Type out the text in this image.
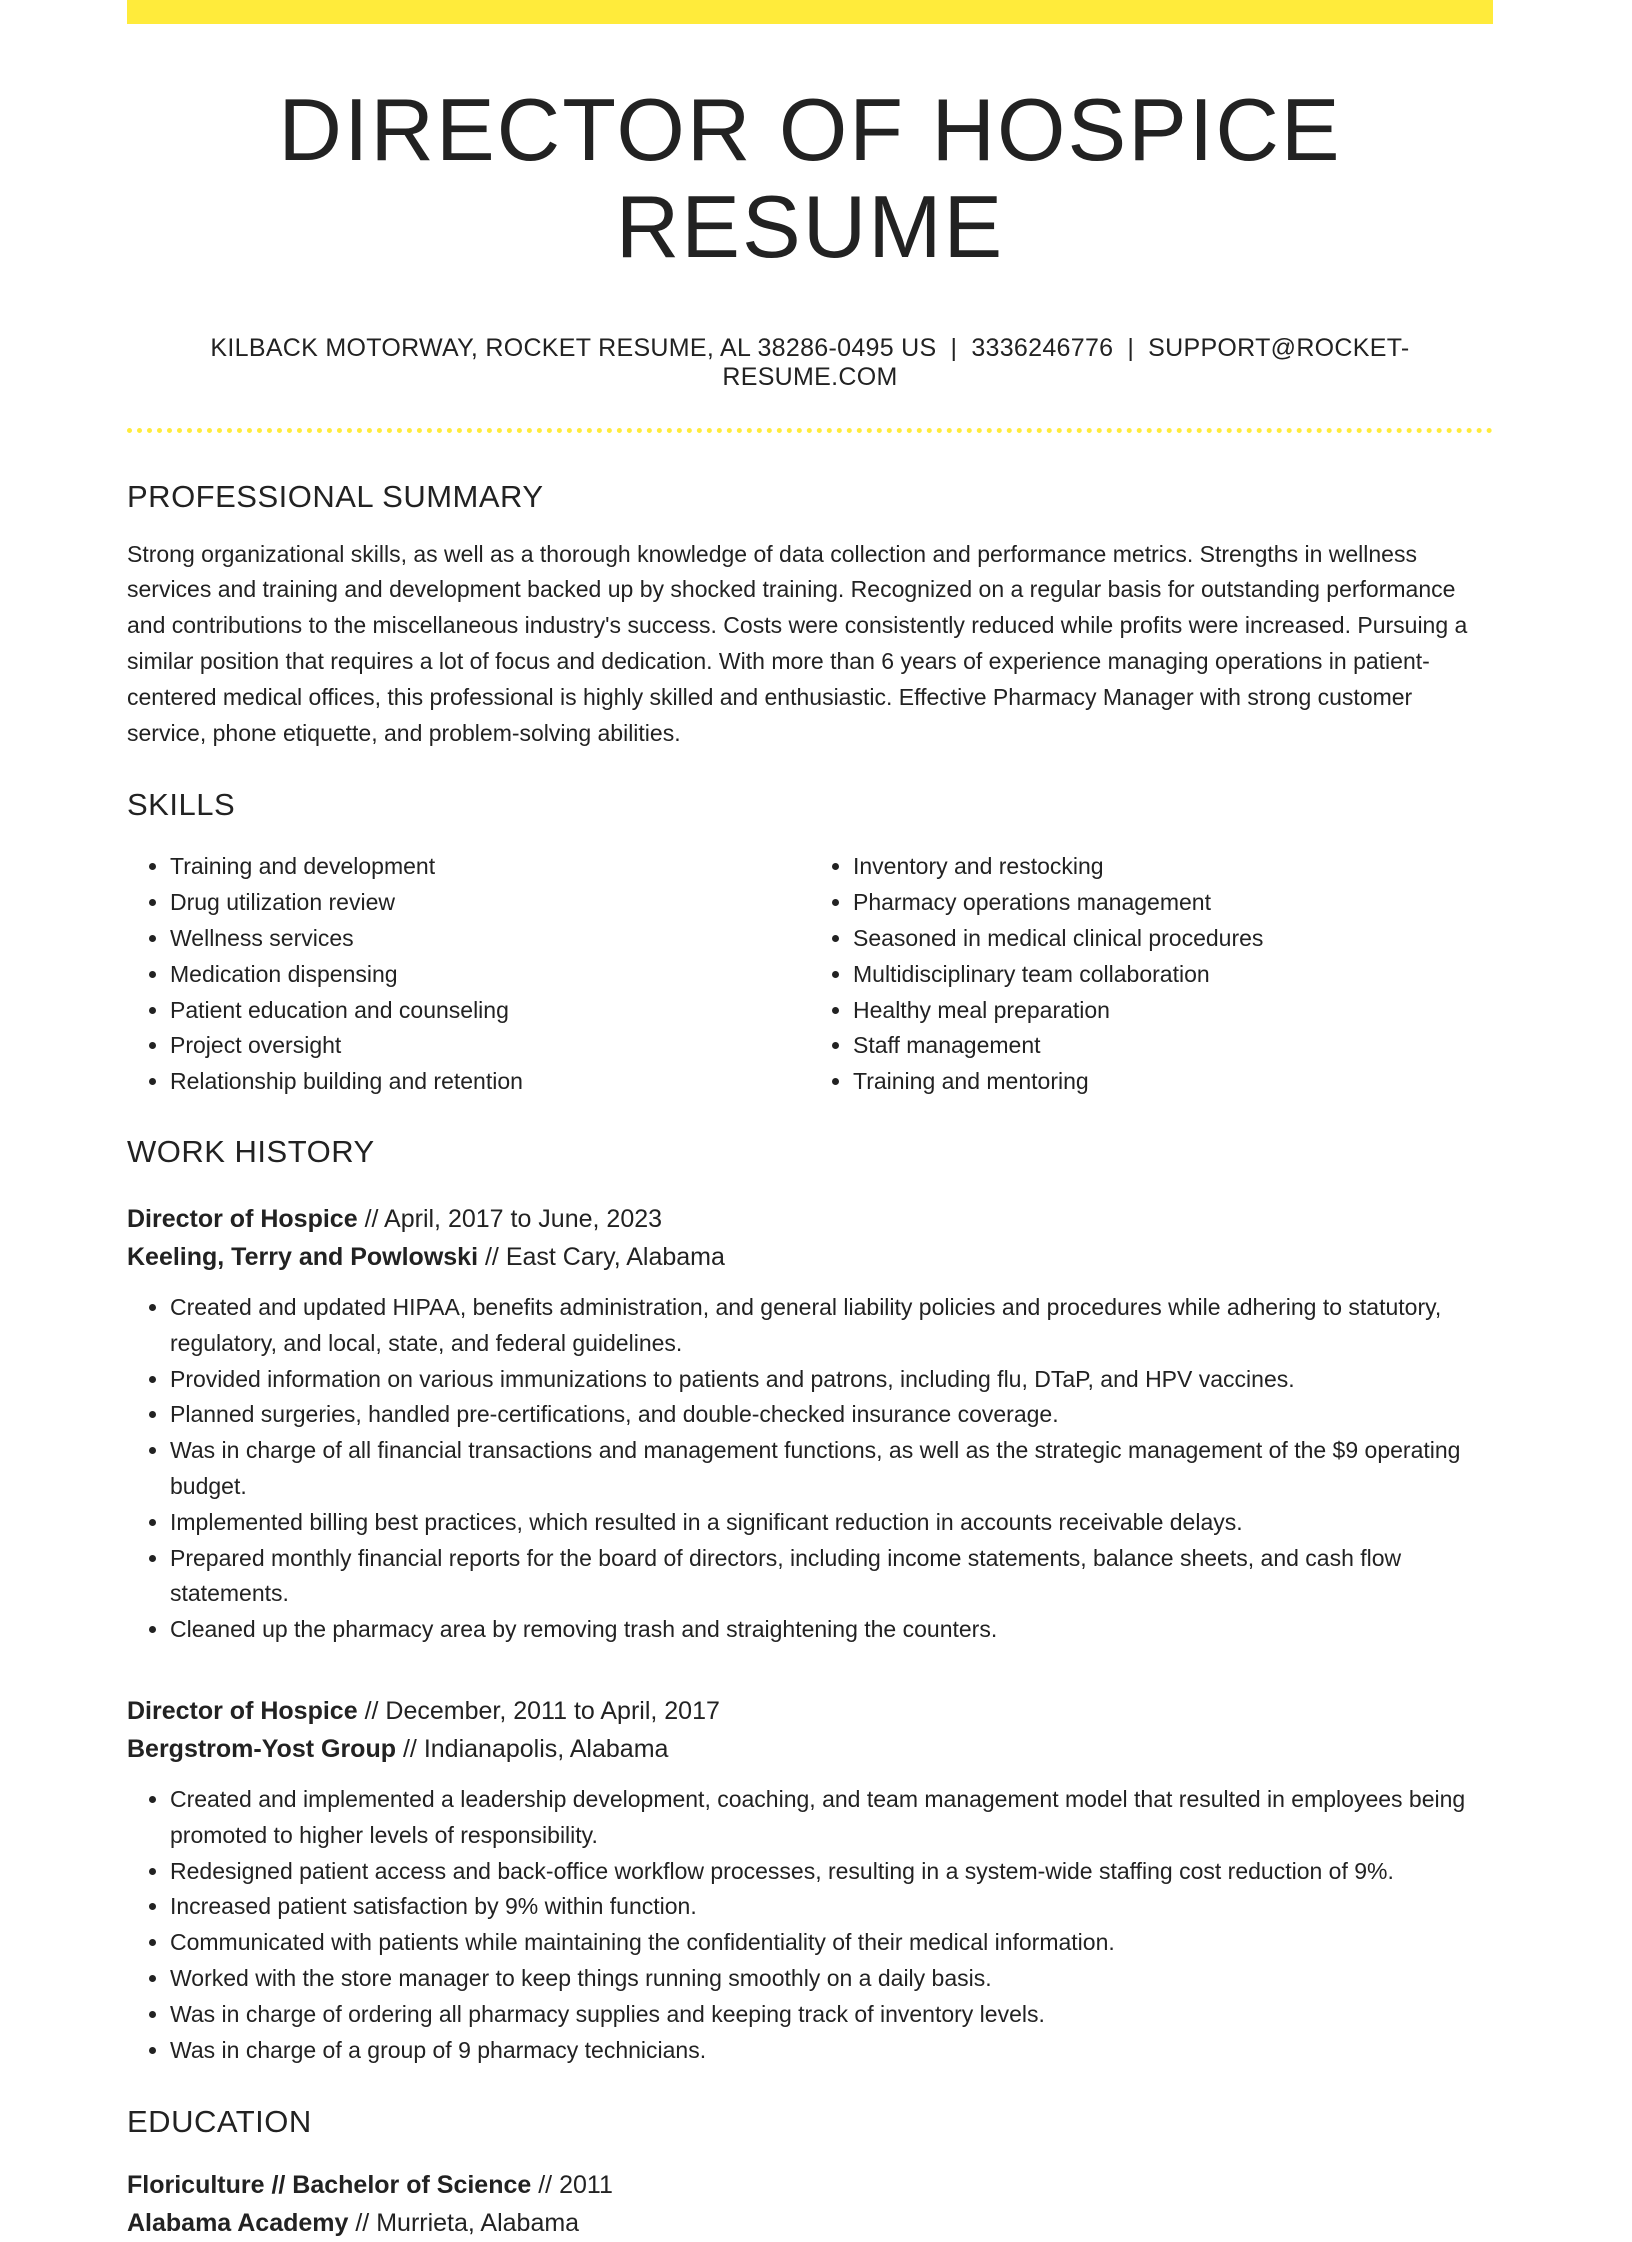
DIRECTOR OF HOSPICE RESUME
KILBACK MOTORWAY, ROCKET RESUME, AL 38286-0495 US | 3336246776 | SUPPORT@ROCKET-RESUME.COM
PROFESSIONAL SUMMARY
Strong organizational skills, as well as a thorough knowledge of data collection and performance metrics. Strengths in wellness services and training and development backed up by shocked training. Recognized on a regular basis for outstanding performance and contributions to the miscellaneous industry's success. Costs were consistently reduced while profits were increased. Pursuing a similar position that requires a lot of focus and dedication. With more than 6 years of experience managing operations in patient-centered medical offices, this professional is highly skilled and enthusiastic. Effective Pharmacy Manager with strong customer service, phone etiquette, and problem-solving abilities.
SKILLS
• Training and development
• Drug utilization review
• Wellness services
• Medication dispensing
• Patient education and counseling
• Project oversight
• Relationship building and retention
• Inventory and restocking
• Pharmacy operations management
• Seasoned in medical clinical procedures
• Multidisciplinary team collaboration
• Healthy meal preparation
• Staff management
• Training and mentoring
WORK HISTORY
Director of Hospice // April, 2017 to June, 2023
Keeling, Terry and Powlowski // East Cary, Alabama
• Created and updated HIPAA, benefits administration, and general liability policies and procedures while adhering to statutory, regulatory, and local, state, and federal guidelines.
• Provided information on various immunizations to patients and patrons, including flu, DTaP, and HPV vaccines.
• Planned surgeries, handled pre-certifications, and double-checked insurance coverage.
• Was in charge of all financial transactions and management functions, as well as the strategic management of the $9 operating budget.
• Implemented billing best practices, which resulted in a significant reduction in accounts receivable delays.
• Prepared monthly financial reports for the board of directors, including income statements, balance sheets, and cash flow statements.
• Cleaned up the pharmacy area by removing trash and straightening the counters.
Director of Hospice // December, 2011 to April, 2017
Bergstrom-Yost Group // Indianapolis, Alabama
• Created and implemented a leadership development, coaching, and team management model that resulted in employees being promoted to higher levels of responsibility.
• Redesigned patient access and back-office workflow processes, resulting in a system-wide staffing cost reduction of 9%.
• Increased patient satisfaction by 9% within function.
• Communicated with patients while maintaining the confidentiality of their medical information.
• Worked with the store manager to keep things running smoothly on a daily basis.
• Was in charge of ordering all pharmacy supplies and keeping track of inventory levels.
• Was in charge of a group of 9 pharmacy technicians.
EDUCATION
Floriculture // Bachelor of Science // 2011
Alabama Academy // Murrieta, Alabama
